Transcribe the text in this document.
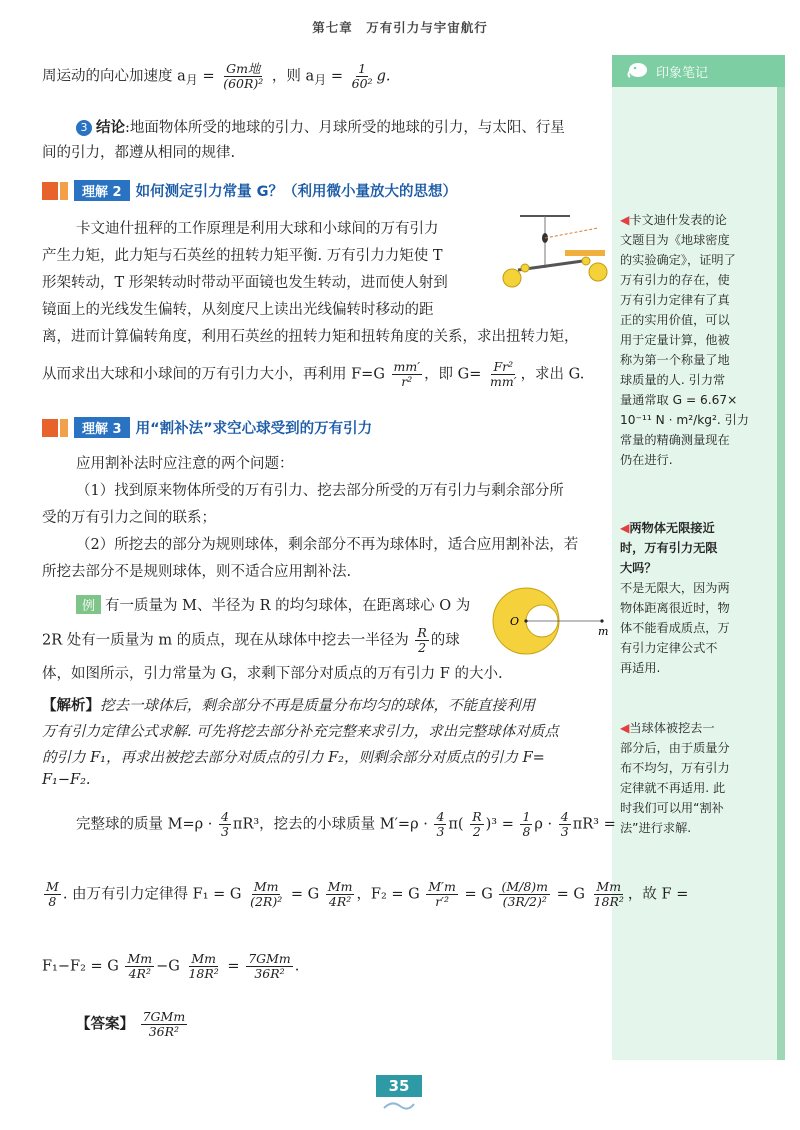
第七章　万有引力与宇宙航行
印象笔记
周运动的向心加速度 $a_月 = \frac{\text{Gm地}}{\text{(60R)²}}$ ，则 $a_月 = \frac{1}{\text{60²}} g$.
3 结论:地面物体所受的地球的引力、月球所受的地球的引力，与太阳、行星
间的引力，都遵从相同的规律.
理解 2 如何测定引力常量 G？（利用微小量放大的思想）
卡文迪什扭秤的工作原理是利用大球和小球间的万有引力
产生力矩，此力矩与石英丝的扭转力矩平衡. 万有引力力矩使 T
形架转动，T 形架转动时带动平面镜也发生转动，进而使人射到
镜面上的光线发生偏转，从刻度尺上读出光线偏转时移动的距
离，进而计算偏转角度，利用石英丝的扭转力矩和扭转角度的关系，求出扭转力矩，
从而求出大球和小球间的万有引力大小，再利用 $F=G \frac{mm'}{\text{r²}}$ ，即 $G= \frac{\text{Fr²}}{mm'}$ ，求出 G.
理解 3 用“割补法”求空心球受到的万有引力
应用割补法时应注意的两个问题：
（1）找到原来物体所受的万有引力、挖去部分所受的万有引力与剩余部分所
受的万有引力之间的联系；
（2）所挖去的部分为规则球体，剩余部分不再为球体时，适合应用割补法，若
所挖去部分不是规则球体，则不适合应用割补法.
例 有一质量为 M、半径为 R 的均匀球体，在距离球心 O 为
2R 处有一质量为 m 的质点，现在从球体中挖去一半径为 $\frac{R}{2}$ 的球
体，如图所示，引力常量为 G，求剩下部分对质点的万有引力 F 的大小.
O
m
【解析】挖去一球体后，剩余部分不再是质量分布均匀的球体，不能直接利用
万有引力定律公式求解. 可先将挖去部分补充完整来求引力，求出完整球体对质点
的引力 F₁，再求出被挖去部分对质点的引力 F₂，则剩余部分对质点的引力 F=
F₁−F₂.
完整球的质量 $M=\rho \cdot \frac{4}{3} \pi R^3$，挖去的小球质量 $M'=\rho \cdot \frac{4}{3} \pi( \frac{R}{2} )^3 = \frac{1}{8}$ $\rho \cdot \frac{4}{3} \pi R^3$ =
$\frac{M}{8}$ . 由万有引力定律得 F₁ = G $\frac{Mm}{\text{(2R)²}} = G \frac{Mm}{\text{4R²}}$ ，F₂ = G $\frac{M'm}{\text{r′²}} = G \frac{(M/8)m}{\text{(3R/2)²}} = G \frac{Mm}{\text{18R²}}$ ，故 F =
F₁−F₂ = G $\frac{Mm}{\text{4R²}} -G \frac{Mm}{\text{18R²}} = \frac{\text{7GMm}}{\text{36R²}}$ .
【答案】 $\frac{\text{7GMm}}{\text{36R²}}$
◀卡文迪什发表的论
文题目为《地球密度
的实验确定》，证明了
万有引力的存在，使
万有引力定律有了真
正的实用价值，可以
用于定量计算，他被
称为第一个称量了地
球质量的人. 引力常
量通常取 G = 6.67×
10⁻¹¹ N · m²/kg². 引力
常量的精确测量现在
仍在进行.
◀两物体无限接近
时，万有引力无限
大吗？
不是无限大，因为两
物体距离很近时，物
体不能看成质点，万
有引力定律公式不
再适用.
◀当球体被挖去一
部分后，由于质量分
布不均匀，万有引力
定律就不再适用. 此
时我们可以用“割补
法”进行求解.
35
